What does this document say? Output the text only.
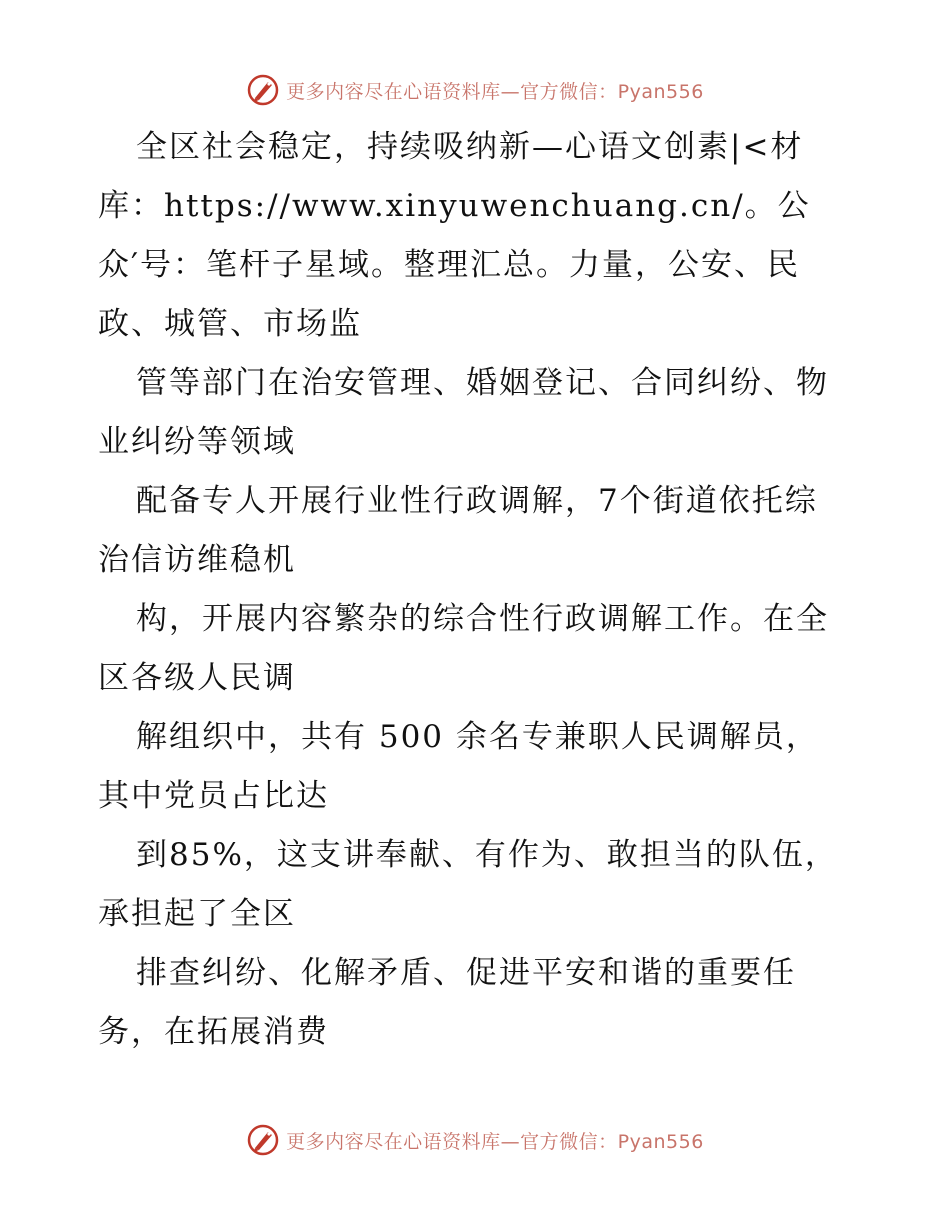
更多内容尽在心语资料库—官方微信：Pyan556
全区社会稳定，持续吸纳新—心语文创素|<材
库：https://www.xinyuwenchuang.cn/。公
众′号：笔杆子星域。整理汇总。力量，公安、民
政、城管、市场监
管等部门在治安管理、婚姻登记、合同纠纷、物
业纠纷等领域
配备专人开展行业性行政调解，7个街道依托综
治信访维稳机
构，开展内容繁杂的综合性行政调解工作。在全
区各级人民调
解组织中，共有 500 余名专兼职人民调解员，
其中党员占比达
到85%，这支讲奉献、有作为、敢担当的队伍，
承担起了全区
排查纠纷、化解矛盾、促进平安和谐的重要任
务，在拓展消费
更多内容尽在心语资料库—官方微信：Pyan556
